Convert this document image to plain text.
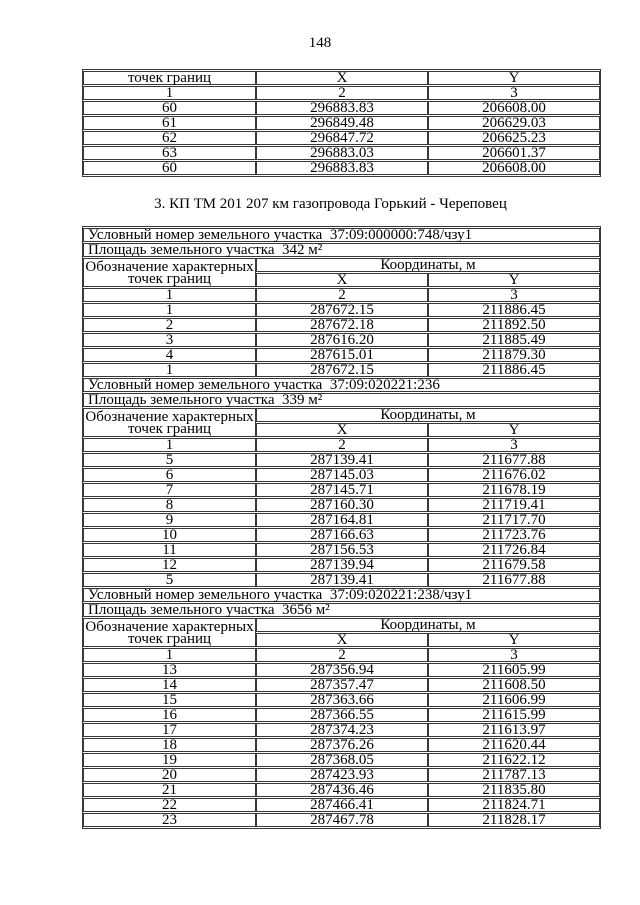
148
точек границ	X	Y
1	2	3
60	296883.83	206608.00
61	296849.48	206629.03
62	296847.72	206625.23
63	296883.03	206601.37
60	296883.83	206608.00
3. КП ТМ 201 207 км газопровода Горький - Череповец
Условный номер земельного участка  37:09:000000:748/чзу1		
Площадь земельного участка  342 м²		

Обозначение характерных
точек границ	Координаты, м	
	X	Y
1	2	3
1	287672.15	211886.45
2	287672.18	211892.50
3	287616.20	211885.49
4	287615.01	211879.30
1	287672.15	211886.45
Условный номер земельного участка  37:09:020221:236		
Площадь земельного участка  339 м²		

Обозначение характерных
точек границ	Координаты, м	
	X	Y
1	2	3
5	287139.41	211677.88
6	287145.03	211676.02
7	287145.71	211678.19
8	287160.30	211719.41
9	287164.81	211717.70
10	287166.63	211723.76
11	287156.53	211726.84
12	287139.94	211679.58
5	287139.41	211677.88
Условный номер земельного участка  37:09:020221:238/чзу1		
Площадь земельного участка  3656 м²		

Обозначение характерных
точек границ	Координаты, м	
	X	Y
1	2	3
13	287356.94	211605.99
14	287357.47	211608.50
15	287363.66	211606.99
16	287366.55	211615.99
17	287374.23	211613.97
18	287376.26	211620.44
19	287368.05	211622.12
20	287423.93	211787.13
21	287436.46	211835.80
22	287466.41	211824.71
23	287467.78	211828.17
